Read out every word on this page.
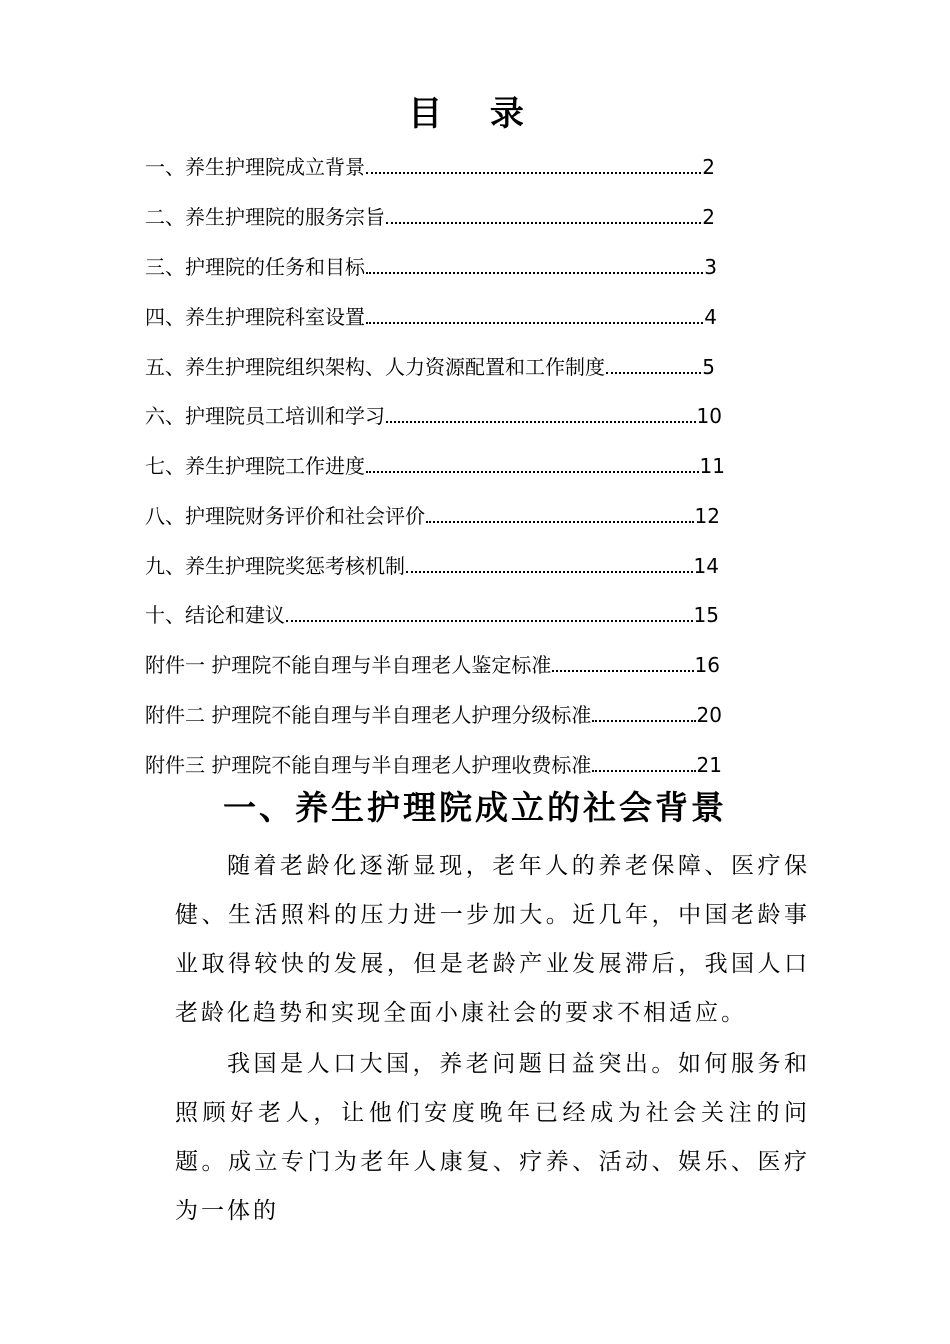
目 录
一、养生护理院成立背景	2
二、养生护理院的服务宗旨	2
三、护理院的任务和目标	3
四、养生护理院科室设置	4
五、养生护理院组织架构、人力资源配置和工作制度	5
六、护理院员工培训和学习	10
七、养生护理院工作进度	11
八、护理院财务评价和社会评价	12
九、养生护理院奖惩考核机制	14
十、结论和建议	15
附件一 护理院不能自理与半自理老人鉴定标准	16
附件二 护理院不能自理与半自理老人护理分级标准	20
附件三 护理院不能自理与半自理老人护理收费标准	21
一、养生护理院成立的社会背景

随着老龄化逐渐显现，老年人的养老保障、医疗保健、生活照料的压力进一步加大。近几年，中国老龄事业取得较快的发展，但是老龄产业发展滞后，我国人口老龄化趋势和实现全面小康社会的要求不相适应。

我国是人口大国，养老问题日益突出。如何服务和照顾好老人，让他们安度晚年已经成为社会关注的问题。成立专门为老年人康复、疗养、活动、娱乐、医疗为一体的
